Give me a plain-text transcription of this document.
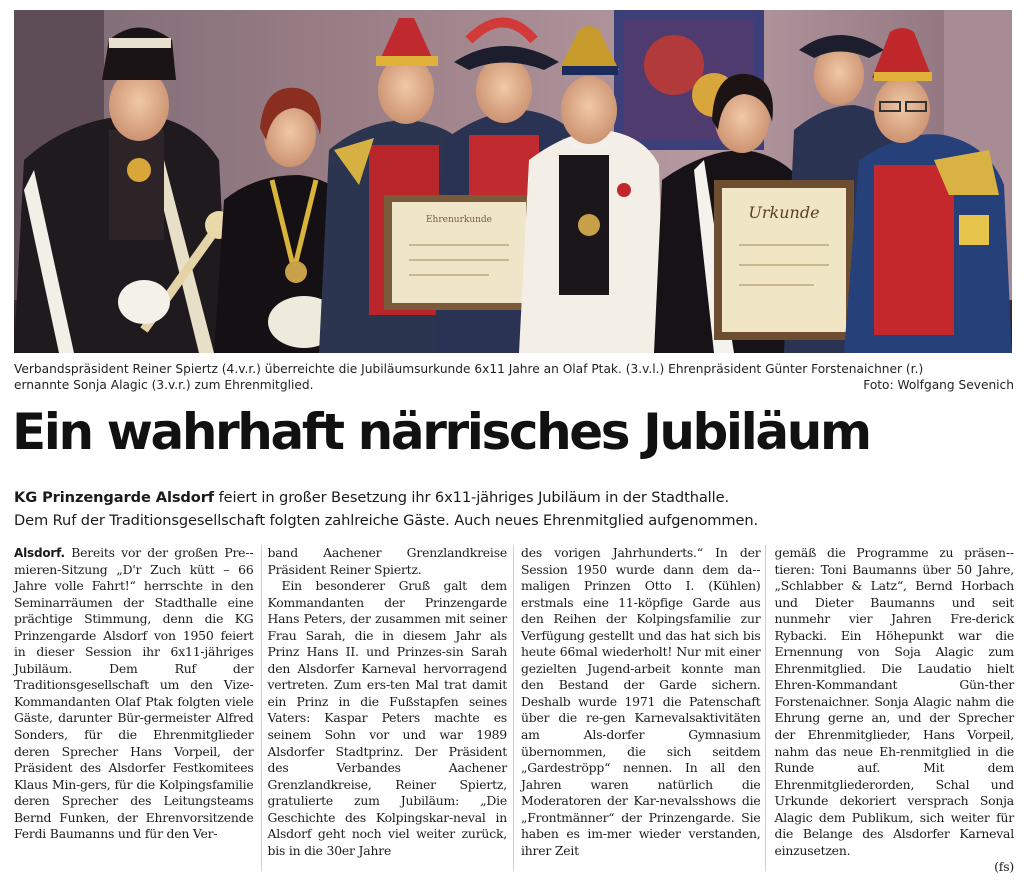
Ehrenurkunde	Urkunde
Verbandspräsident Reiner Spiertz (4.v.r.) überreichte die Jubiläumsurkunde 6x11 Jahre an Olaf Ptak. (3.v.l.) Ehrenpräsident Günter Forstenaichner (r.)
ernannte Sonja Alagic (3.v.r.) zum Ehrenmitglied.	Foto: Wolfgang Sevenich
Ein wahrhaft närrisches Jubiläum
KG Prinzengarde Alsdorf feiert in großer Besetzung ihr 6x11-jähriges Jubiläum in der Stadthalle.
Dem Ruf der Traditionsgesellschaft folgten zahlreiche Gäste. Auch neues Ehrenmitglied aufgenommen.

Alsdorf. Bereits vor der großen Pre-mieren-Sitzung „D'r Zuch kütt – 66 Jahre volle Fahrt!“ herrschte in den Seminarräumen der Stadthalle eine prächtige Stimmung, denn die KG Prinzengarde Alsdorf von 1950 feiert in dieser Session ihr 6x11-jähriges Jubiläum. Dem Ruf der Traditionsgesellschaft um den Vize-Kommandanten Olaf Ptak folgten viele Gäste, darunter Bür-germeister Alfred Sonders, für die Ehrenmitglieder deren Sprecher Hans Vorpeil, der Präsident des Alsdorfer Festkomitees Klaus Min-gers, für die Kolpingsfamilie deren Sprecher des Leitungsteams Bernd Funken, der Ehrenvorsitzende Ferdi Baumanns und für den Ver-

band Aachener Grenzlandkreise Präsident Reiner Spiertz.

Ein besonderer Gruß galt dem Kommandanten der Prinzengarde Hans Peters, der zusammen mit seiner Frau Sarah, die in diesem Jahr als Prinz Hans II. und Prinzes-sin Sarah den Alsdorfer Karneval hervorragend vertreten. Zum ers-ten Mal trat damit ein Prinz in die Fußstapfen seines Vaters: Kaspar Peters machte es seinem Sohn vor und war 1989 Alsdorfer Stadtprinz. Der Präsident des Verbandes Aachener Grenzlandkreise, Reiner Spiertz, gratulierte zum Jubiläum: „Die Geschichte des Kolpingskar-neval in Alsdorf geht noch viel weiter zurück, bis in die 30er Jahre

des vorigen Jahrhunderts.“ In der Session 1950 wurde dann dem da-maligen Prinzen Otto I. (Kühlen) erstmals eine 11-köpfige Garde aus den Reihen der Kolpingsfamilie zur Verfügung gestellt und das hat sich bis heute 66mal wiederholt! Nur mit einer gezielten Jugend-arbeit konnte man den Bestand der Garde sichern. Deshalb wurde 1971 die Patenschaft über die re-gen Karnevalsaktivitäten am Als-dorfer Gymnasium übernommen, die sich seitdem „Gardeströpp“ nennen. In all den Jahren waren natürlich die Moderatoren der Kar-nevalsshows die „Frontmänner“ der Prinzengarde. Sie haben es im-mer wieder verstanden, ihrer Zeit

gemäß die Programme zu präsen-tieren: Toni Baumanns über 50 Jahre, „Schlabber & Latz“, Bernd Horbach und Dieter Baumanns und seit nunmehr vier Jahren Fre-derick Rybacki. Ein Höhepunkt war die Ernennung von Soja Alagic zum Ehrenmitglied. Die Laudatio hielt Ehren-Kommandant Gün-ther Forstenaichner. Sonja Alagic nahm die Ehrung gerne an, und der Sprecher der Ehrenmitglieder, Hans Vorpeil, nahm das neue Eh-renmitglied in die Runde auf. Mit dem Ehrenmitgliederorden, Schal und Urkunde dekoriert versprach Sonja Alagic dem Publikum, sich weiter für die Belange des Alsdorfer Karneval einzusetzen.

(fs)
